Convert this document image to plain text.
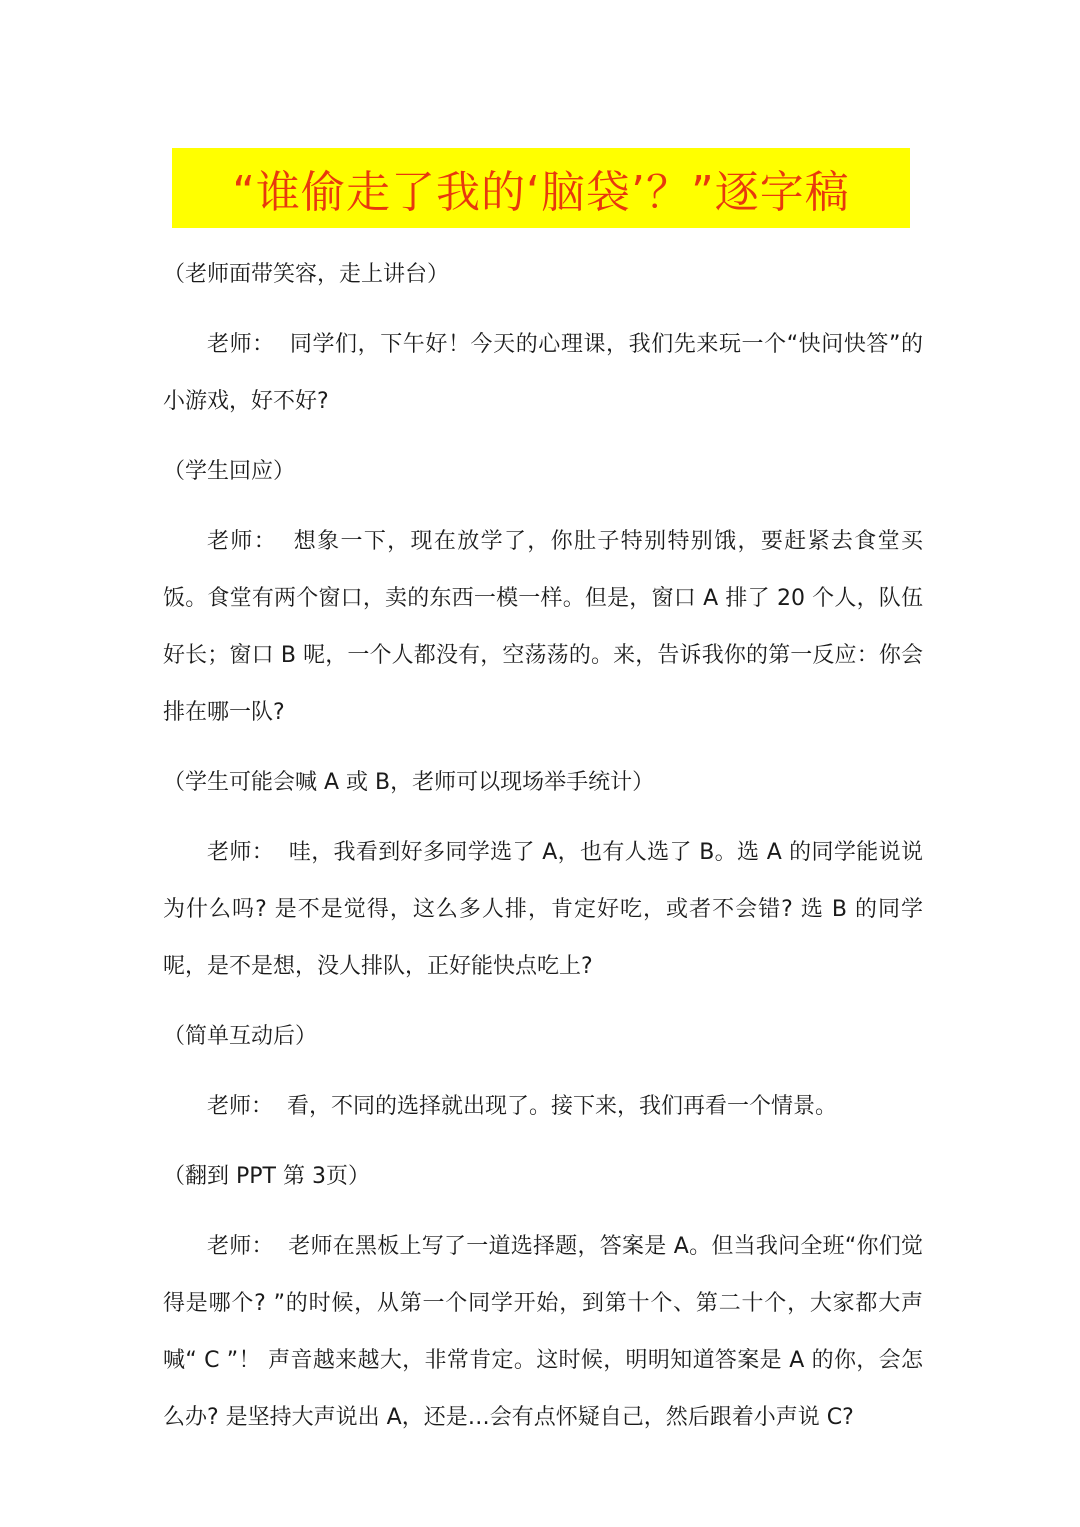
“谁偷走了我的‘脑袋’？”逐字稿

（老师面带笑容，走上讲台）

老师：  同学们，下午好！今天的心理课，我们先来玩一个“快问快答”的小游戏，好不好?

（学生回应）

老师：  想象一下，现在放学了，你肚子特别特别饿，要赶紧去食堂买饭。食堂有两个窗口，卖的东西一模一样。但是，窗口 A 排了 20 个人，队伍好长；窗口 B 呢，一个人都没有，空荡荡的。来，告诉我你的第一反应：你会排在哪一队?

（学生可能会喊 A 或 B，老师可以现场举手统计）

老师：  哇，我看到好多同学选了 A，也有人选了 B。选 A 的同学能说说为什么吗? 是不是觉得，这么多人排，肯定好吃，或者不会错? 选 B 的同学呢，是不是想，没人排队，正好能快点吃上?

（简单互动后）

老师：  看，不同的选择就出现了。接下来，我们再看一个情景。

（翻到 PPT 第 3页）

老师：  老师在黑板上写了一道选择题，答案是 A。但当我问全班“你们觉得是哪个? ”的时候，从第一个同学开始，到第十个、第二十个，大家都大声喊“ C ”！ 声音越来越大，非常肯定。这时候，明明知道答案是 A 的你，会怎么办? 是坚持大声说出 A，还是…会有点怀疑自己，然后跟着小声说 C?
